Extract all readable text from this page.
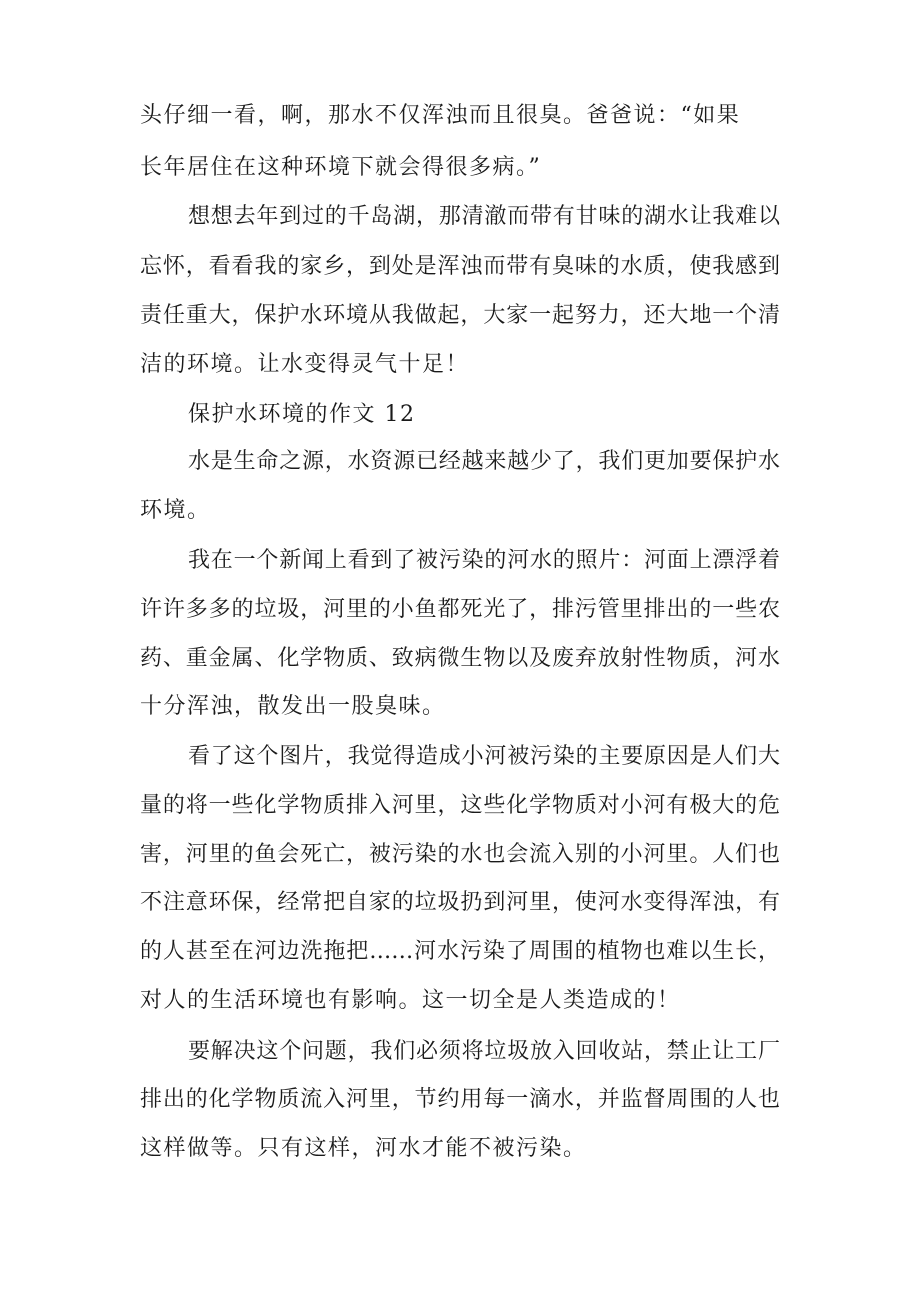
头仔细一看，啊，那水不仅浑浊而且很臭。爸爸说：“如果
长年居住在这种环境下就会得很多病。”
想想去年到过的千岛湖，那清澈而带有甘味的湖水让我难以
忘怀，看看我的家乡，到处是浑浊而带有臭味的水质，使我感到
责任重大，保护水环境从我做起，大家一起努力，还大地一个清
洁的环境。让水变得灵气十足！
保护水环境的作文 12
水是生命之源，水资源已经越来越少了，我们更加要保护水
环境。
我在一个新闻上看到了被污染的河水的照片：河面上漂浮着
许许多多的垃圾，河里的小鱼都死光了，排污管里排出的一些农
药、重金属、化学物质、致病微生物以及废弃放射性物质，河水
十分浑浊，散发出一股臭味。
看了这个图片，我觉得造成小河被污染的主要原因是人们大
量的将一些化学物质排入河里，这些化学物质对小河有极大的危
害，河里的鱼会死亡，被污染的水也会流入别的小河里。人们也
不注意环保，经常把自家的垃圾扔到河里，使河水变得浑浊，有
的人甚至在河边洗拖把……河水污染了周围的植物也难以生长，
对人的生活环境也有影响。这一切全是人类造成的！
要解决这个问题，我们必须将垃圾放入回收站，禁止让工厂
排出的化学物质流入河里，节约用每一滴水，并监督周围的人也
这样做等。只有这样，河水才能不被污染。
